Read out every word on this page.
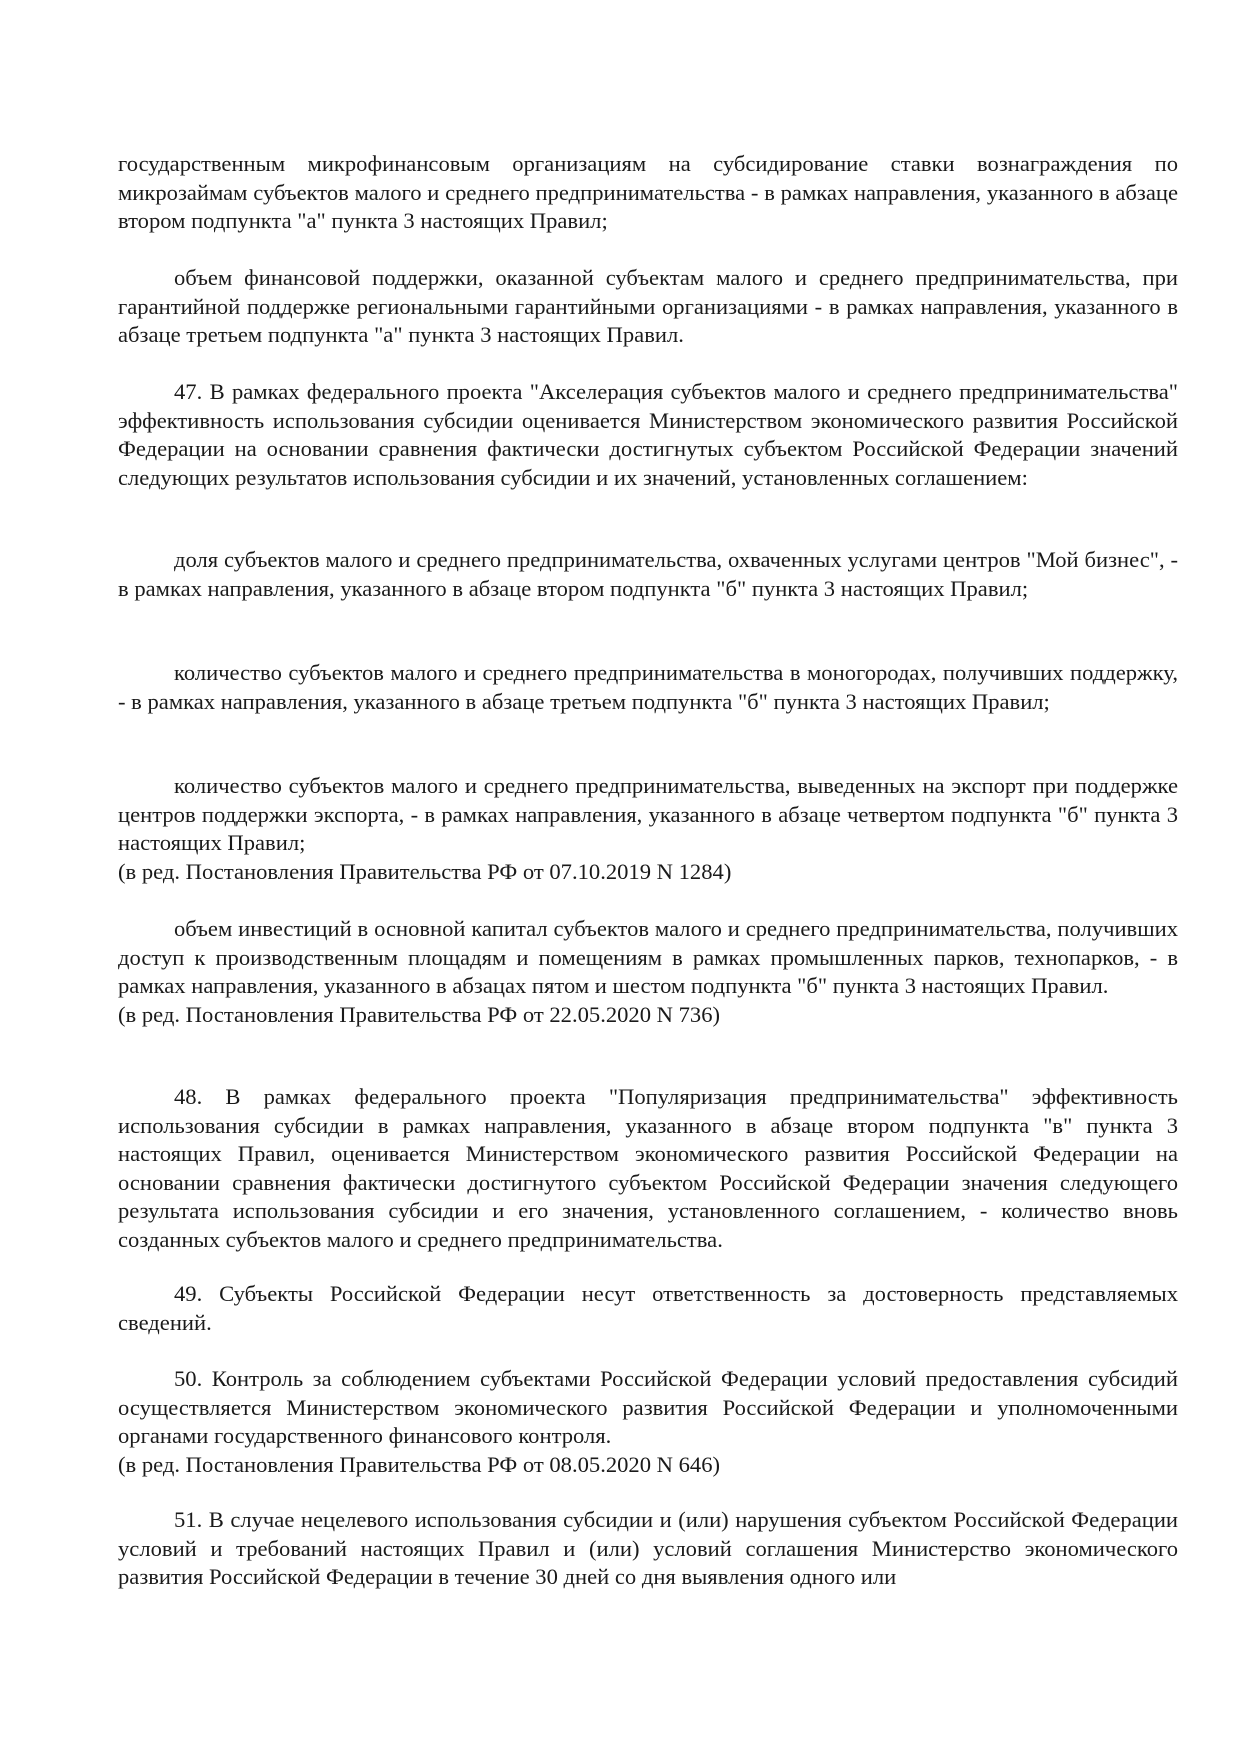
государственным микрофинансовым организациям на субсидирование ставки вознаграждения по микрозаймам субъектов малого и среднего предпринимательства - в рамках направления, указанного в абзаце втором подпункта "а" пункта 3 настоящих Правил;

объем финансовой поддержки, оказанной субъектам малого и среднего предпринимательства, при гарантийной поддержке региональными гарантийными организациями - в рамках направления, указанного в абзаце третьем подпункта "а" пункта 3 настоящих Правил.

47. В рамках федерального проекта "Акселерация субъектов малого и среднего предпринимательства" эффективность использования субсидии оценивается Министерством экономического развития Российской Федерации на основании сравнения фактически достигнутых субъектом Российской Федерации значений следующих результатов использования субсидии и их значений, установленных соглашением:

доля субъектов малого и среднего предпринимательства, охваченных услугами центров "Мой бизнес", - в рамках направления, указанного в абзаце втором подпункта "б" пункта 3 настоящих Правил;

количество субъектов малого и среднего предпринимательства в моногородах, получивших поддержку, - в рамках направления, указанного в абзаце третьем подпункта "б" пункта 3 настоящих Правил;

количество субъектов малого и среднего предпринимательства, выведенных на экспорт при поддержке центров поддержки экспорта, - в рамках направления, указанного в абзаце четвертом подпункта "б" пункта 3 настоящих Правил;

(в ред. Постановления Правительства РФ от 07.10.2019 N 1284)

объем инвестиций в основной капитал субъектов малого и среднего предпринимательства, получивших доступ к производственным площадям и помещениям в рамках промышленных парков, технопарков, - в рамках направления, указанного в абзацах пятом и шестом подпункта "б" пункта 3 настоящих Правил.

(в ред. Постановления Правительства РФ от 22.05.2020 N 736)

48. В рамках федерального проекта "Популяризация предпринимательства" эффективность использования субсидии в рамках направления, указанного в абзаце втором подпункта "в" пункта 3 настоящих Правил, оценивается Министерством экономического развития Российской Федерации на основании сравнения фактически достигнутого субъектом Российской Федерации значения следующего результата использования субсидии и его значения, установленного соглашением, - количество вновь созданных субъектов малого и среднего предпринимательства.

49. Субъекты Российской Федерации несут ответственность за достоверность представляемых сведений.

50. Контроль за соблюдением субъектами Российской Федерации условий предоставления субсидий осуществляется Министерством экономического развития Российской Федерации и уполномоченными органами государственного финансового контроля.

(в ред. Постановления Правительства РФ от 08.05.2020 N 646)

51. В случае нецелевого использования субсидии и (или) нарушения субъектом Российской Федерации условий и требований настоящих Правил и (или) условий соглашения Министерство экономического развития Российской Федерации в течение 30 дней со дня выявления одного или
